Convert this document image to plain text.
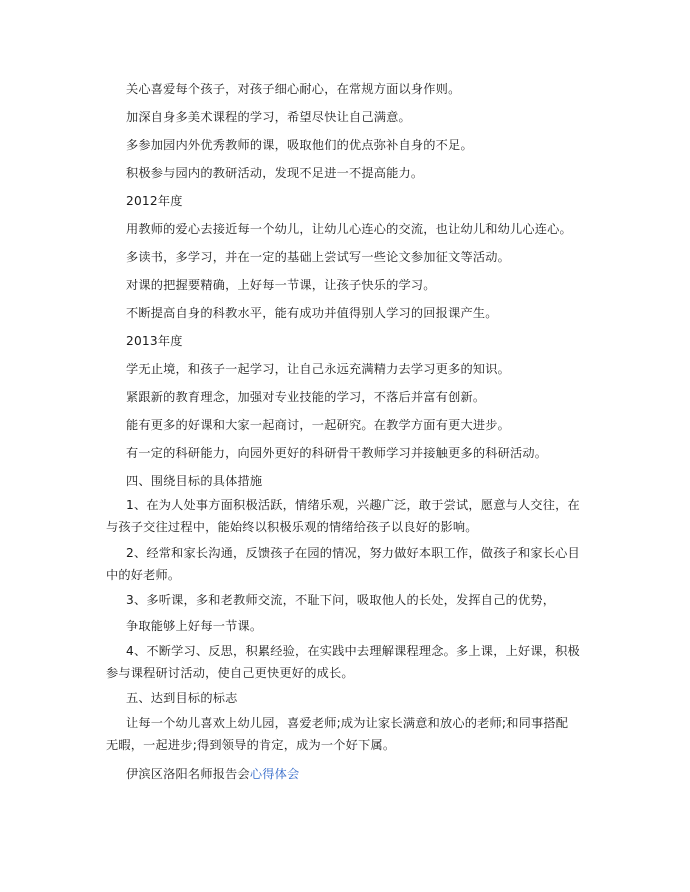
关心喜爱每个孩子，对孩子细心耐心，在常规方面以身作则。
加深自身多美术课程的学习，希望尽快让自己满意。
多参加园内外优秀教师的课，吸取他们的优点弥补自身的不足。
积极参与园内的教研活动，发现不足进一不提高能力。
2012年度
用教师的爱心去接近每一个幼儿，让幼儿心连心的交流，也让幼儿和幼儿心连心。
多读书，多学习，并在一定的基础上尝试写一些论文参加征文等活动。
对课的把握要精确，上好每一节课，让孩子快乐的学习。
不断提高自身的科教水平，能有成功并值得别人学习的回报课产生。
2013年度
学无止境，和孩子一起学习，让自己永远充满精力去学习更多的知识。
紧跟新的教育理念，加强对专业技能的学习，不落后并富有创新。
能有更多的好课和大家一起商讨，一起研究。在教学方面有更大进步。
有一定的科研能力，向园外更好的科研骨干教师学习并接触更多的科研活动。
四、围绕目标的具体措施
1、在为人处事方面积极活跃，情绪乐观，兴趣广泛，敢于尝试，愿意与人交往，在与孩子交往过程中，能始终以积极乐观的情绪给孩子以良好的影响。
2、经常和家长沟通，反馈孩子在园的情况，努力做好本职工作，做孩子和家长心目中的好老师。
3、多听课，多和老教师交流，不耻下问，吸取他人的长处，发挥自己的优势，
争取能够上好每一节课。
4、不断学习、反思，积累经验，在实践中去理解课程理念。多上课，上好课，积极参与课程研讨活动，使自己更快更好的成长。
五、达到目标的标志
让每一个幼儿喜欢上幼儿园，喜爱老师;成为让家长满意和放心的老师;和同事搭配无暇，一起进步;得到领导的肯定，成为一个好下属。
伊滨区洛阳名师报告会心得体会
